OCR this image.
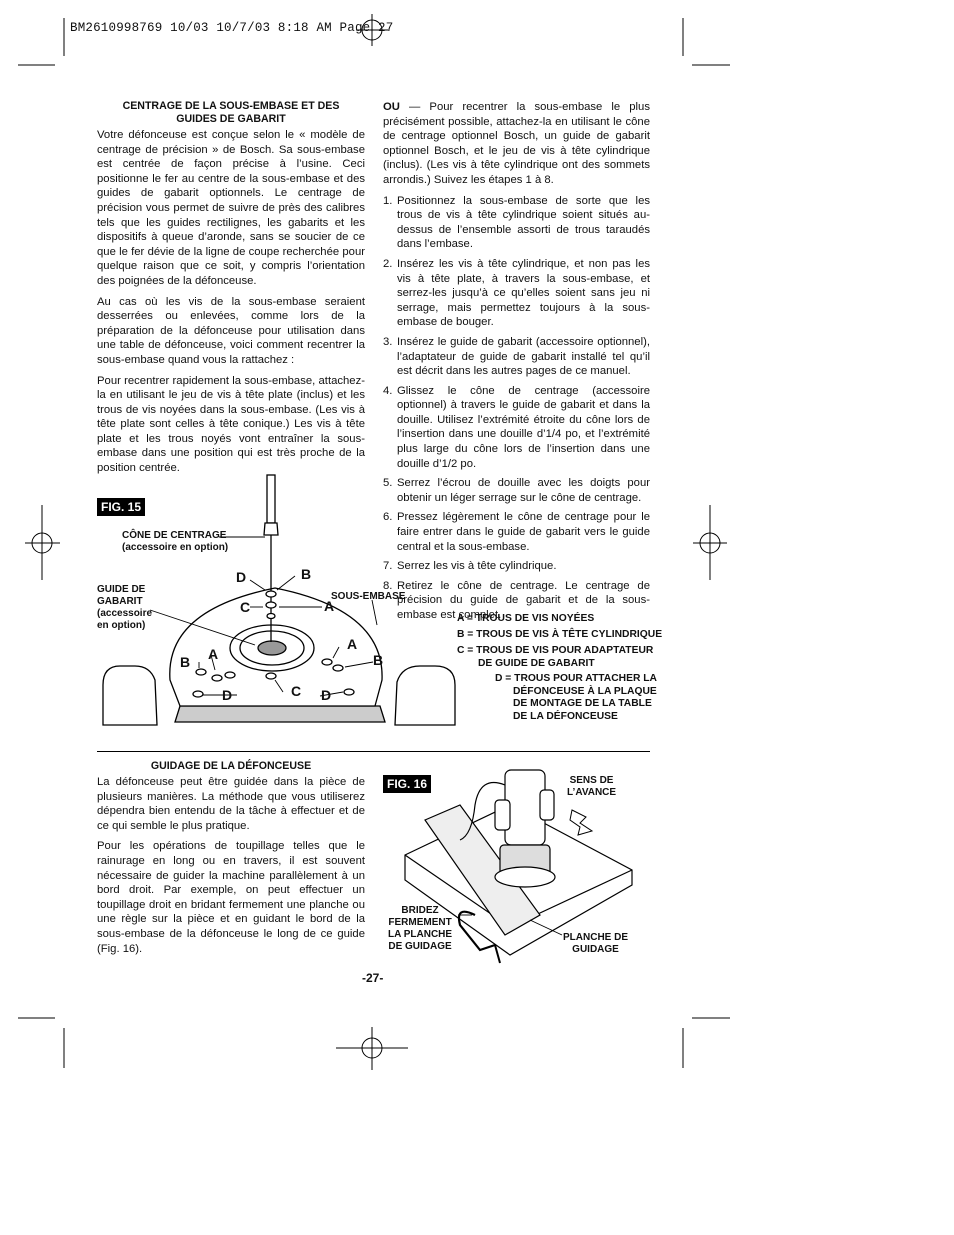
BM2610998769 10/03 10/7/03 8:18 AM Page 27
CENTRAGE DE LA SOUS-EMBASE ET DES
GUIDES DE GABARIT

Votre défonceuse est conçue selon le « modèle de centrage de précision » de Bosch. Sa sous-embase est centrée de façon précise à l’usine. Ceci positionne le fer au centre de la sous-embase et des guides de gabarit optionnels. Le centrage de précision vous permet de suivre de près des calibres tels que les guides rectilignes, les gabarits et les dispositifs à queue d’aronde, sans se soucier de ce que le fer dévie de la ligne de coupe recherchée pour quelque raison que ce soit, y compris l’orientation des poignées de la défonceuse.

Au cas où les vis de la sous-embase seraient desserrées ou enlevées, comme lors de la préparation de la défonceuse pour utilisation dans une table de défonceuse, voici comment recentrer la sous-embase quand vous la rattachez :

Pour recentrer rapidement la sous-embase, attachez-la en utilisant le jeu de vis à tête plate (inclus) et les trous de vis noyées dans la sous-embase. (Les vis à tête plate sont celles à tête conique.) Les vis à tête plate et les trous noyés vont entraîner la sous-embase dans une position qui est très proche de la position centrée.

OU — Pour recentrer la sous-embase le plus précisément possible, attachez-la en utilisant le cône de centrage optionnel Bosch, un guide de gabarit optionnel Bosch, et le jeu de vis à tête cylindrique (inclus). (Les vis à tête cylindrique ont des sommets arrondis.) Suivez les étapes 1 à 8.

1. Positionnez la sous-embase de sorte que les trous de vis à tête cylindrique soient situés au-dessus de l’ensemble assorti de trous taraudés dans l’embase.
2. Insérez les vis à tête cylindrique, et non pas les vis à tête plate, à travers la sous-embase, et serrez-les jusqu’à ce qu’elles soient sans jeu ni serrage, mais permettez toujours à la sous-embase de bouger.
3. Insérez le guide de gabarit (accessoire optionnel), l’adaptateur de guide de gabarit installé tel qu’il est décrit dans les autres pages de ce manuel.
4. Glissez le cône de centrage (accessoire optionnel) à travers le guide de gabarit et dans la douille. Utilisez l’extrémité étroite du cône lors de l’insertion dans une douille d’1/4 po, et l’extrémité plus large du cône lors de l’insertion dans une douille d’1/2 po.
5. Serrez l’écrou de douille avec les doigts pour obtenir un léger serrage sur le cône de centrage.
6. Pressez légèrement le cône de centrage pour le faire entrer dans le guide de gabarit vers le guide central et la sous-embase.
7. Serrez les vis à tête cylindrique.
8. Retirez le cône de centrage. Le centrage de précision du guide de gabarit et de la sous-embase est complet.
FIG. 15
CÔNE DE CENTRAGE
(accessoire en option)
GUIDE DE
GABARIT
(accessoire
en option)
SOUS-EMBASE
D	B
C	A
A
A
B	B
C
D	D
A = TROUS DE VIS NOYÉES
B = TROUS DE VIS À TÊTE CYLINDRIQUE
C = TROUS DE VIS POUR ADAPTATEUR
DE GUIDE DE GABARIT
D = TROUS POUR ATTACHER LA
DÉFONCEUSE À LA PLAQUE
DE MONTAGE DE LA TABLE
DE LA DÉFONCEUSE
GUIDAGE DE LA DÉFONCEUSE

La défonceuse peut être guidée dans la pièce de plusieurs manières. La méthode que vous utiliserez dépendra bien entendu de la tâche à effectuer et de ce qui semble le plus pratique.

Pour les opérations de toupillage telles que le rainurage en long ou en travers, il est souvent nécessaire de guider la machine parallèlement à un bord droit. Par exemple, on peut effectuer un toupillage droit en bridant fermement une planche ou une règle sur la pièce et en guidant le bord de la sous-embase de la défonceuse le long de ce guide (Fig. 16).

FIG. 16	SENS DE
L’AVANCE
BRIDEZ
FERMEMENT
LA PLANCHE
DE GUIDAGE
PLANCHE DE
GUIDAGE
-27-
